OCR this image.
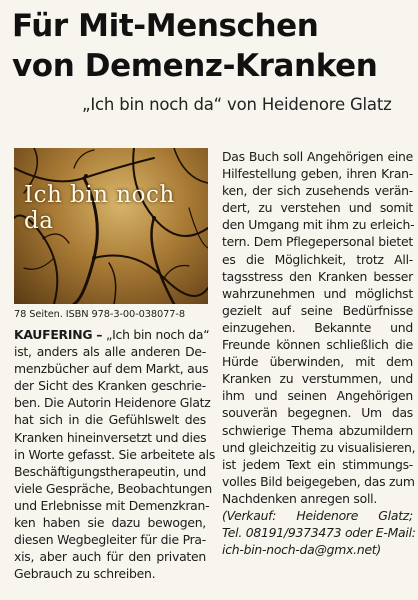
Für Mit-Menschen
von Demenz-Kranken
„Ich bin noch da“ von Heidenore Glatz
Ich bin noch da
78 Seiten. ISBN 978-3-00-038077-8
KAUFERING – „Ich bin noch da“
ist, anders als alle anderen De-
menzbücher auf dem Markt, aus
der Sicht des Kranken geschrie-
ben. Die Autorin Heidenore Glatz
hat sich in die Gefühlswelt des
Kranken hineinversetzt und dies
in Worte gefasst. Sie arbeitete als
Beschäftigungstherapeutin, und
viele Gespräche, Beobachtungen
und Erlebnisse mit Demenzkran-
ken haben sie dazu bewogen,
diesen Wegbegleiter für die Pra-
xis, aber auch für den privaten
Gebrauch zu schreiben.
Das Buch soll Angehörigen eine
Hilfestellung geben, ihren Kran-
ken, der sich zusehends verän-
dert, zu verstehen und somit
den Umgang mit ihm zu erleich-
tern. Dem Pflegepersonal bietet
es die Möglichkeit, trotz All-
tagsstress den Kranken besser
wahrzunehmen und möglichst
gezielt auf seine Bedürfnisse
einzugehen. Bekannte und
Freunde können schließlich die
Hürde überwinden, mit dem
Kranken zu verstummen, und
ihm und seinen Angehörigen
souverän begegnen. Um das
schwierige Thema abzumildern
und gleichzeitig zu visualisieren,
ist jedem Text ein stimmungs-
volles Bild beigegeben, das zum
Nachdenken anregen soll.
(Verkauf: Heidenore Glatz;
Tel. 08191/9373473 oder E-Mail:
ich-bin-noch-da@gmx.net)
